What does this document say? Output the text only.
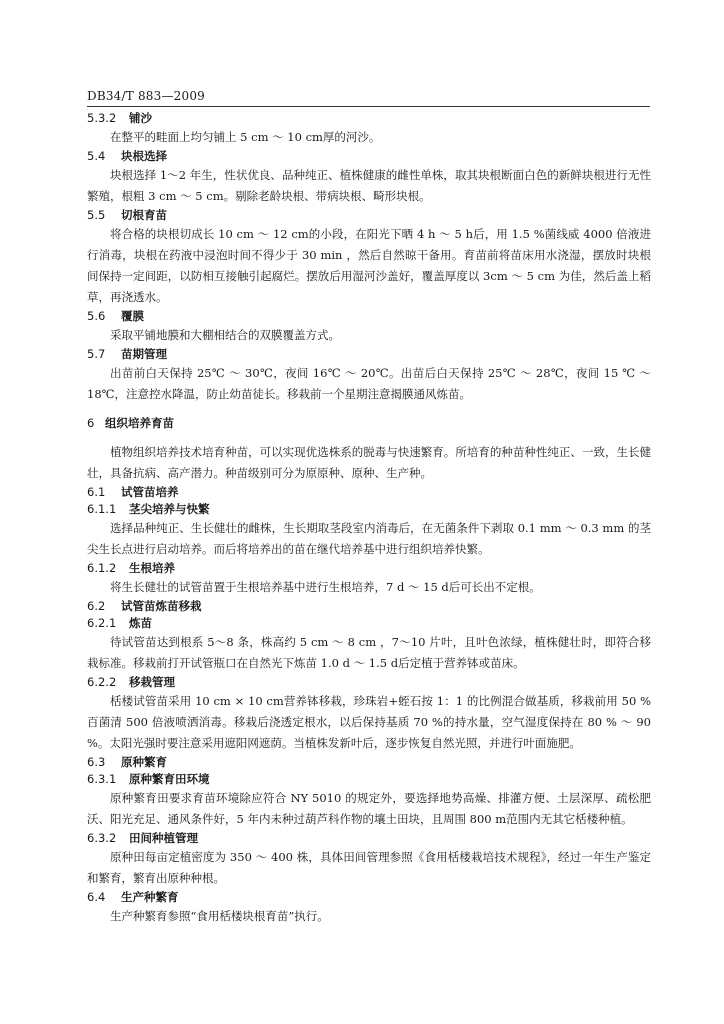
DB34/T 883—2009
5.3.2 铺沙

在整平的畦面上均匀铺上 5 cm ～ 10 cm厚的河沙。

5.4 块根选择

块根选择 1～2 年生，性状优良、品种纯正、植株健康的雌性单株，取其块根断面白色的新鲜块根进行无性繁殖，根粗 3 cm ～ 5 cm。剔除老龄块根、带病块根、畸形块根。

5.5 切根育苗

将合格的块根切成长 10 cm ～ 12 cm的小段，在阳光下晒 4 h ～ 5 h后，用 1.5 %菌线威 4000 倍液进行消毒，块根在药液中浸泡时间不得少于 30 min ，然后自然晾干备用。育苗前将苗床用水浇湿，摆放时块根间保持一定间距，以防相互接触引起腐烂。摆放后用湿河沙盖好，覆盖厚度以 3cm ～ 5 cm 为佳，然后盖上稻草，再浇透水。

5.6 覆膜

采取平铺地膜和大棚相结合的双膜覆盖方式。

5.7 苗期管理

出苗前白天保持 25℃ ～ 30℃，夜间 16℃ ～ 20℃。出苗后白天保持 25℃ ～ 28℃，夜间 15 ℃ ～ 18℃，注意控水降温，防止幼苗徒长。移栽前一个星期注意揭膜通风炼苗。

6 组织培养育苗

植物组织培养技术培育种苗，可以实现优选株系的脱毒与快速繁育。所培育的种苗种性纯正、一致，生长健壮，具备抗病、高产潜力。种苗级别可分为原原种、原种、生产种。

6.1 试管苗培养
6.1.1 茎尖培养与快繁

选择品种纯正、生长健壮的雌株，生长期取茎段室内消毒后，在无菌条件下剥取 0.1 mm ～ 0.3 mm 的茎尖生长点进行启动培养。而后将培养出的苗在继代培养基中进行组织培养快繁。

6.1.2 生根培养

将生长健壮的试管苗置于生根培养基中进行生根培养，7 d ～ 15 d后可长出不定根。

6.2 试管苗炼苗移栽
6.2.1 炼苗

待试管苗达到根系 5～8 条，株高约 5 cm ～ 8 cm ，7～10 片叶，且叶色浓绿，植株健壮时，即符合移栽标准。移栽前打开试管瓶口在自然光下炼苗 1.0 d ～ 1.5 d后定植于营养钵或苗床。

6.2.2 移栽管理

栝楼试管苗采用 10 cm × 10 cm营养钵移栽，珍珠岩+蛭石按 1：1 的比例混合做基质，移栽前用 50 %百菌清 500 倍液喷洒消毒。移栽后浇透定根水，以后保持基质 70 %的持水量，空气湿度保持在 80 % ～ 90 %。太阳光强时要注意采用遮阳网遮荫。当植株发新叶后，逐步恢复自然光照，并进行叶面施肥。

6.3 原种繁育
6.3.1 原种繁育田环境

原种繁育田要求育苗环境除应符合 NY 5010 的规定外，要选择地势高燥、排灌方便、土层深厚、疏松肥沃、阳光充足、通风条件好，5 年内未种过葫芦科作物的壤土田块，且周围 800 m范围内无其它栝楼种植。

6.3.2 田间种植管理

原种田每亩定植密度为 350 ～ 400 株，具体田间管理参照《食用栝楼栽培技术规程》，经过一年生产鉴定和繁育，繁育出原种种根。

6.4 生产种繁育

生产种繁育参照“食用栝楼块根育苗”执行。
